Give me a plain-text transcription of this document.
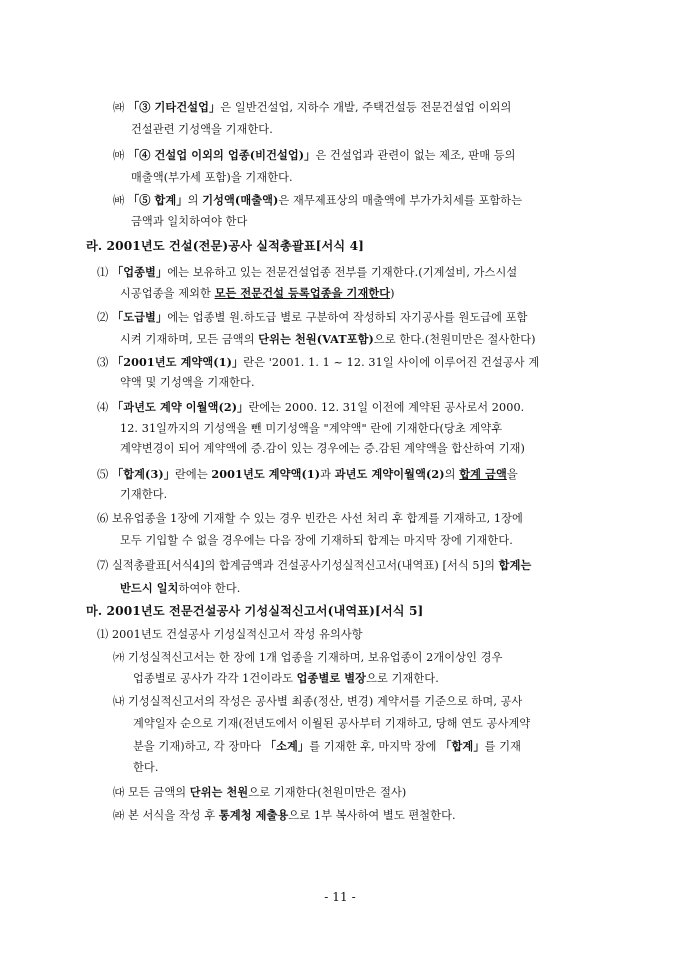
㈑ 「③ 기타건설업」은 일반건설업, 지하수 개발, 주택건설등 전문건설업 이외의
건설관련 기성액을 기재한다.
㈒ 「④ 건설업 이외의 업종(비건설업)」은 건설업과 관련이 없는 제조, 판매 등의
매출액(부가세 포함)을 기재한다.
㈓ 「⑤ 합계」의 기성액(매출액)은 재무제표상의 매출액에 부가가치세를 포함하는
금액과 일치하여야 한다
라. 2001년도 건설(전문)공사 실적총괄표[서식 4]
⑴ 「업종별」에는 보유하고 있는 전문건설업종 전부를 기재한다.(기계설비, 가스시설
시공업종을 제외한 모든 전문건설 등록업종을 기재한다)
⑵ 「도급별」에는 업종별 원․하도급 별로 구분하여 작성하되 자기공사를 원도급에 포함
시켜 기재하며, 모든 금액의 단위는 천원(VAT포함)으로 한다.(천원미만은 절사한다)
⑶ 「2001년도 계약액(1)」란은 '2001. 1. 1 ~ 12. 31일 사이에 이루어진 건설공사 계
약액 및 기성액을 기재한다.
⑷ 「과년도 계약 이월액(2)」란에는 2000. 12. 31일 이전에 계약된 공사로서 2000.
12. 31일까지의 기성액을 뺀 미기성액을 "계약액" 란에 기재한다(당초 계약후
계약변경이 되어 계약액에 증․감이 있는 경우에는 증․감된 계약액을 합산하여 기재)
⑸ 「합계(3)」란에는 2001년도 계약액(1)과 과년도 계약이월액(2)의 합계 금액을
기재한다.
⑹ 보유업종을 1장에 기재할 수 있는 경우 빈칸은 사선 처리 후 합계를 기재하고, 1장에
모두 기입할 수 없을 경우에는 다음 장에 기재하되 합계는 마지막 장에 기재한다.
⑺ 실적총괄표[서식4]의 합계금액과 건설공사기성실적신고서(내역표) [서식 5]의 합계는
반드시 일치하여야 한다.
마. 2001년도 전문건설공사 기성실적신고서(내역표)[서식 5]
⑴ 2001년도 건설공사 기성실적신고서 작성 유의사항
㈎ 기성실적신고서는 한 장에 1개 업종을 기재하며, 보유업종이 2개이상인 경우
업종별로 공사가 각각 1건이라도 업종별로 별장으로 기재한다.
㈏ 기성실적신고서의 작성은 공사별 최종(정산, 변경) 계약서를 기준으로 하며, 공사
계약일자 순으로 기재(전년도에서 이월된 공사부터 기재하고, 당해 연도 공사계약
분을 기재)하고, 각 장마다 「소계」를 기재한 후, 마지막 장에 「합계」를 기재
한다.
㈐ 모든 금액의 단위는 천원으로 기재한다(천원미만은 절사)
㈑ 본 서식을 작성 후 통계청 제출용으로 1부 복사하여 별도 편철한다.
- 11 -
